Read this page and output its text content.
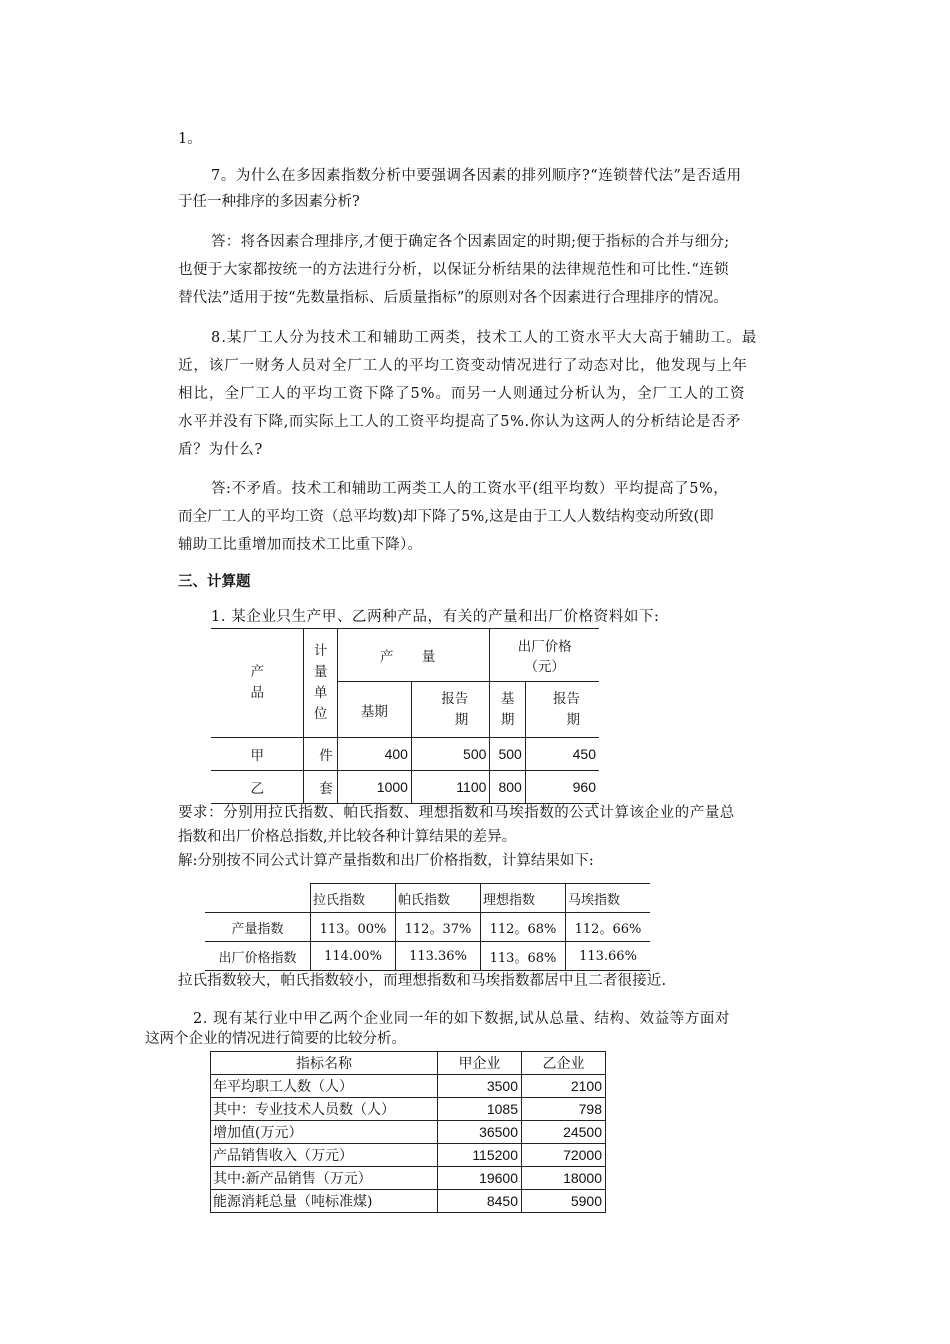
1。
7。为什么在多因素指数分析中要强调各因素的排列顺序?“连锁替代法”是否适用
于任一种排序的多因素分析?
答：将各因素合理排序,才便于确定各个因素固定的时期;便于指标的合并与细分;
也便于大家都按统一的方法进行分析，以保证分析结果的法律规范性和可比性.“连锁
替代法”适用于按“先数量指标、后质量指标”的原则对各个因素进行合理排序的情况。
8.某厂工人分为技术工和辅助工两类，技术工人的工资水平大大高于辅助工。最
近，该厂一财务人员对全厂工人的平均工资变动情况进行了动态对比，他发现与上年
相比，全厂工人的平均工资下降了5%。而另一人则通过分析认为，全厂工人的工资
水平并没有下降,而实际上工人的工资平均提高了5%.你认为这两人的分析结论是否矛
盾？为什么?
答:不矛盾。技术工和辅助工两类工人的工资水平(组平均数）平均提高了5%，
而全厂工人的平均工资（总平均数)却下降了5%,这是由于工人人数结构变动所致(即
辅助工比重增加而技术工比重下降）。
三、计算题
1. 某企业只生产甲、乙两种产品，有关的产量和出厂价格资料如下:
产品	计量单位	产 量		出厂价格
（元）	

		基期	报告期	基期	报告期

甲	件	400	500	500	450
乙	套	1000	1100	800	960
要求：分别用拉氏指数、帕氏指数、理想指数和马埃指数的公式计算该企业的产量总
指数和出厂价格总指数,并比较各种计算结果的差异。
解:分别按不同公式计算产量指数和出厂价格指数，计算结果如下:
	拉氏指数	帕氏指数	理想指数	马埃指数
产量指数	113。00%	112。37%	112。68%	112。66%
出厂价格指数	114.00%	113.36%	113。68%	113.66%
拉氏指数较大，帕氏指数较小，而理想指数和马埃指数都居中且二者很接近.
2. 现有某行业中甲乙两个企业同一年的如下数据,试从总量、结构、效益等方面对
这两个企业的情况进行简要的比较分析。
指标名称	甲企业	乙企业
年平均职工人数（人）	3500	2100
其中：专业技术人员数（人）	1085	798
增加值(万元）	36500	24500
产品销售收入（万元）	115200	72000
其中:新产品销售（万元）	19600	18000
能源消耗总量（吨标准煤)	8450	5900
